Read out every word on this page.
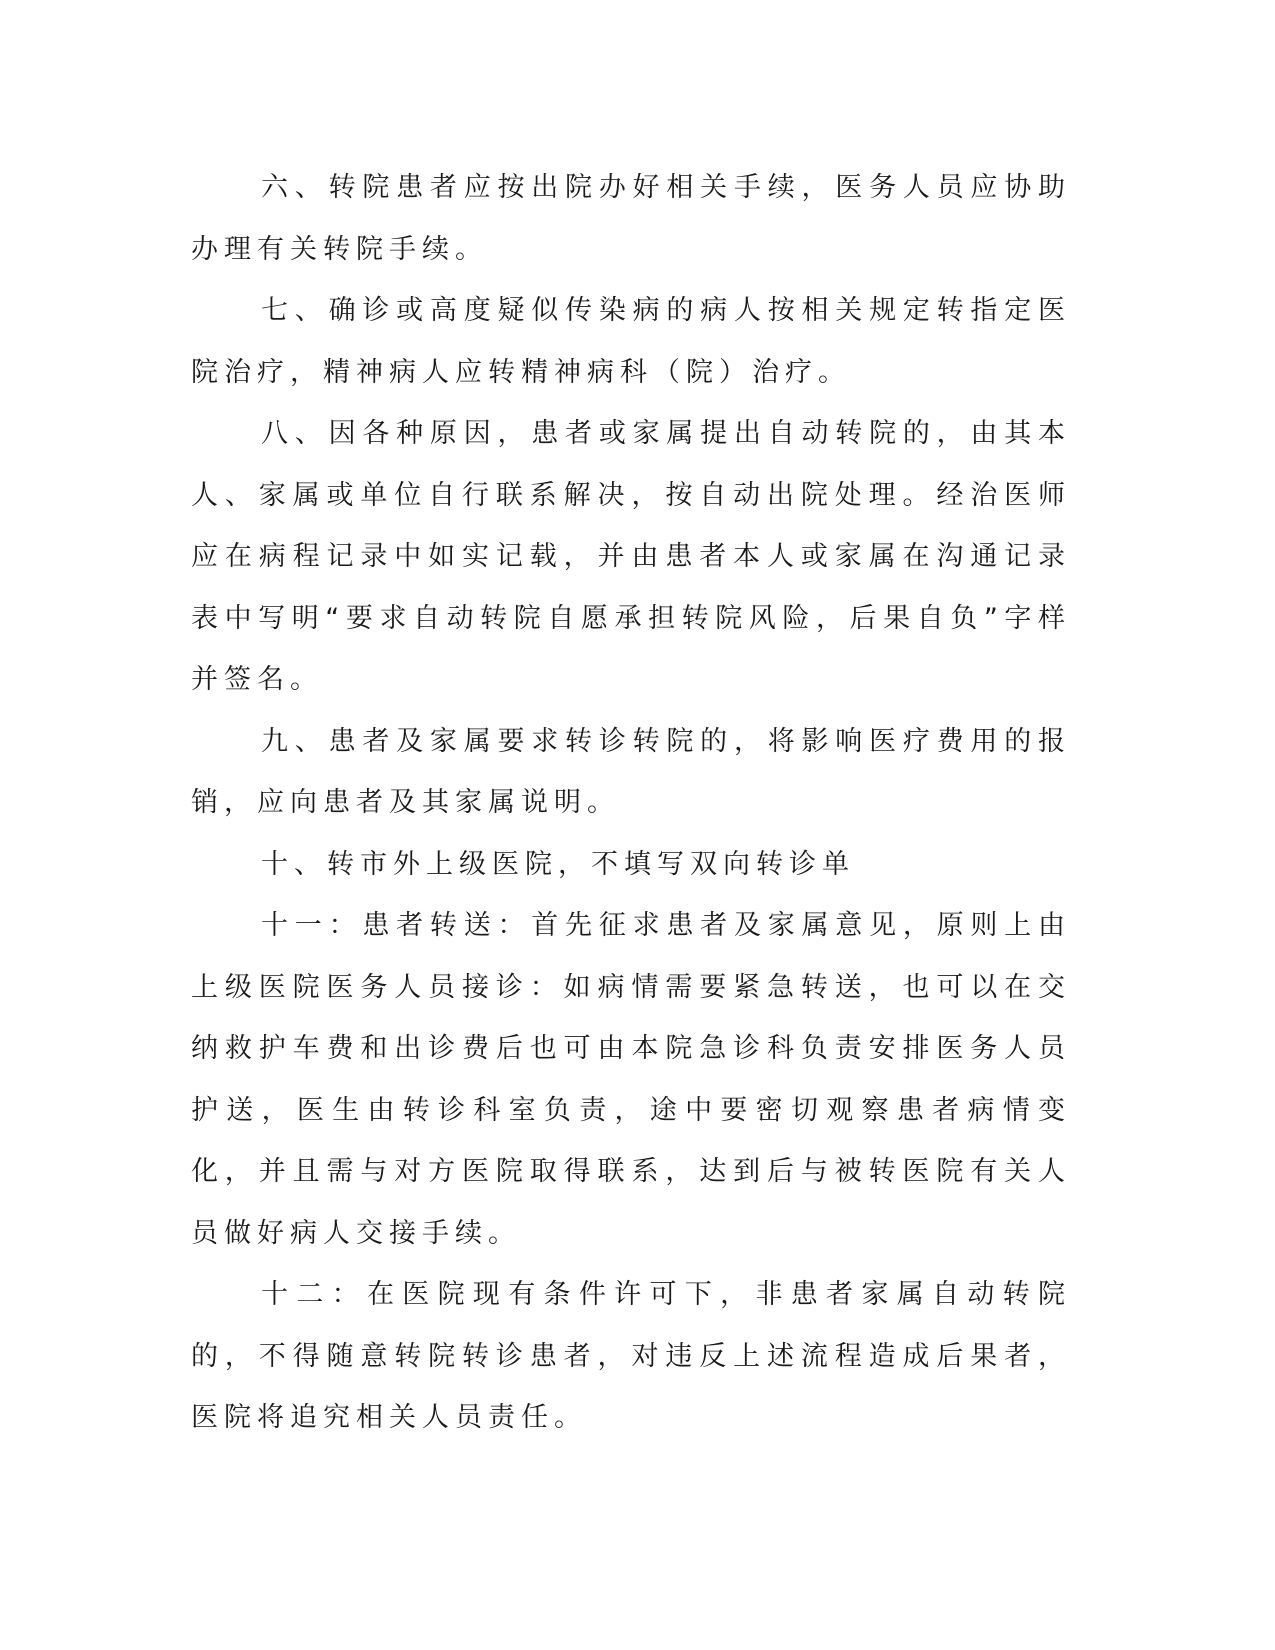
六、转院患者应按出院办好相关手续，医务人员应协助办理有关转院手续。

七、确诊或高度疑似传染病的病人按相关规定转指定医院治疗，精神病人应转精神病科（院）治疗。

八、因各种原因，患者或家属提出自动转院的，由其本人、家属或单位自行联系解决，按自动出院处理。经治医师应在病程记录中如实记载，并由患者本人或家属在沟通记录表中写明“要求自动转院自愿承担转院风险，后果自负”字样并签名。

九、患者及家属要求转诊转院的，将影响医疗费用的报销，应向患者及其家属说明。

十、转市外上级医院，不填写双向转诊单

十一：患者转送：首先征求患者及家属意见，原则上由上级医院医务人员接诊：如病情需要紧急转送，也可以在交纳救护车费和出诊费后也可由本院急诊科负责安排医务人员护送，医生由转诊科室负责，途中要密切观察患者病情变化，并且需与对方医院取得联系，达到后与被转医院有关人员做好病人交接手续。

十二：在医院现有条件许可下，非患者家属自动转院的，不得随意转院转诊患者，对违反上述流程造成后果者，医院将追究相关人员责任。
